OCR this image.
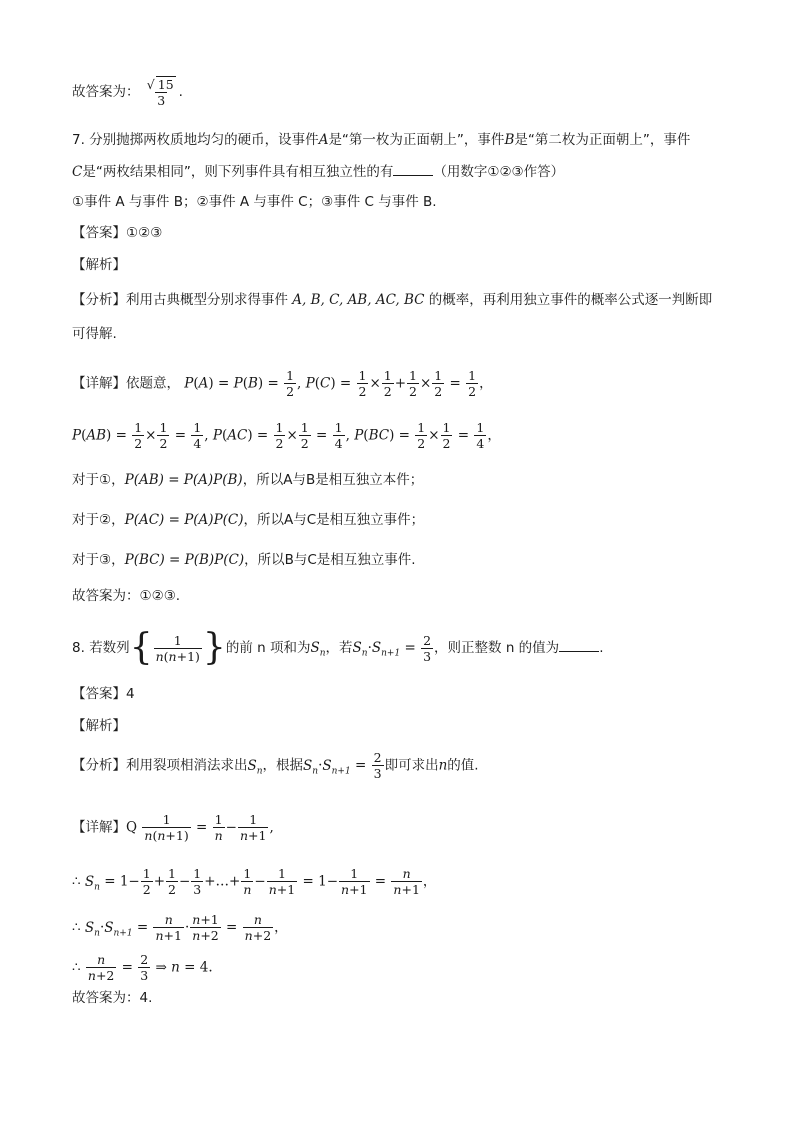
故答案为： $\frac{√ 15}{3}$ .
7. 分别抛掷两枚质地均匀的硬币，设事件A是“第一枚为正面朝上”，事件B是“第二枚为正面朝上”，事件
C是“两枚结果相同”，则下列事件具有相互独立性的有	（用数字①②③作答）
①事件 A 与事件 B；②事件 A 与事件 C；③事件 C 与事件 B.
【答案】①②③
【解析】
【分析】利用古典概型分别求得事件 A, B, C, AB, AC, BC 的概率，再利用独立事件的概率公式逐一判断即
可得解.
【详解】依题意， $P(A) = P(B) = \frac{1}{2}$ , $P(C) = \frac{1}{2} \times \frac{1}{2} + \frac{1}{2} \times \frac{1}{2} = \frac{1}{2}$ ，
$P(AB) = \frac{1}{2} \times \frac{1}{2} = \frac{1}{4}$ , $P(AC) = \frac{1}{2} \times \frac{1}{2} = \frac{1}{4}$ , $P(BC) = \frac{1}{2} \times \frac{1}{2} = \frac{1}{4}$ ，
对于①，P(AB) = P(A)P(B)，所以A与B是相互独立本件；
对于②，P(AC) = P(A)P(C)，所以A与C是相互独立事件；
对于③，P(BC) = P(B)P(C)，所以B与C是相互独立事件.
故答案为：①②③.
8. 若数列{ $\frac{1}{n(n+1)}$ }的前 n 项和为$S_n$，若$S_n\cdot S_{n+1} = \frac{2}{3}$ ，则正整数 n 的值为	.
【答案】4
【解析】
【分析】利用裂项相消法求出$S_n$，根据$S_n\cdot S_{n+1} = \frac{2}{3}$ 即可求出n的值.
【详解】Q $\frac{1}{n(n+1)} = \frac{1}{n} - \frac{1}{n+1}$ ,
∴ $S_n = 1- \frac{1}{2} + \frac{1}{2} - \frac{1}{3}$ +…+ $\frac{1}{n} - \frac{1}{n+1} = 1- \frac{1}{n+1} = \frac{n}{n+1}$ ，
∴ $S_n\cdot S_{n+1} = \frac{n}{n+1} \cdot \frac{n+1}{n+2} = \frac{n}{n+2}$ ，
∴ $\frac{n}{n+2} = \frac{2}{3}$ ⇒ n = 4.
故答案为：4.
